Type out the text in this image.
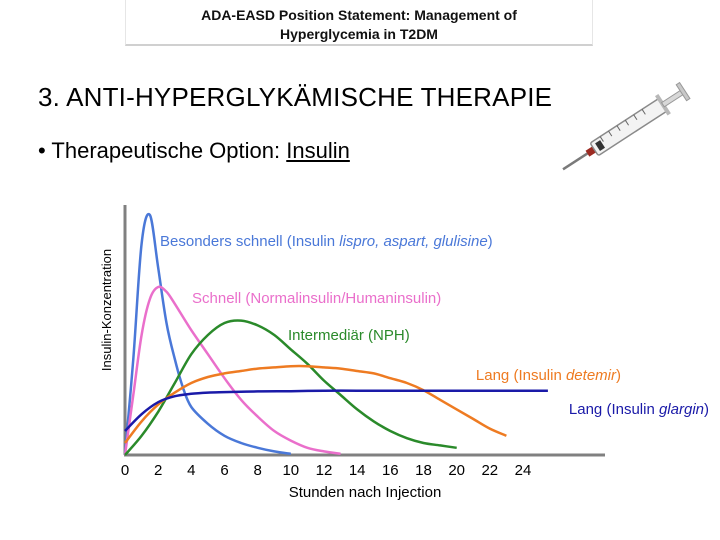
ADA-EASD Position Statement: Management of
Hyperglycemia in T2DM
3. ANTI-HYPERGLYKÄMISCHE THERAPIE
• Therapeutische Option: Insulin
Besonders schnell (Insulin lispro, aspart, glulisine)
Schnell (Normalinsulin/Humaninsulin)
Intermediär (NPH)
Lang (Insulin detemir)
Lang (Insulin glargin)
0 2 4 6 8 10 12 14 16 18 20 22 24
Stunden nach Injection
Insulin-Konzentration
